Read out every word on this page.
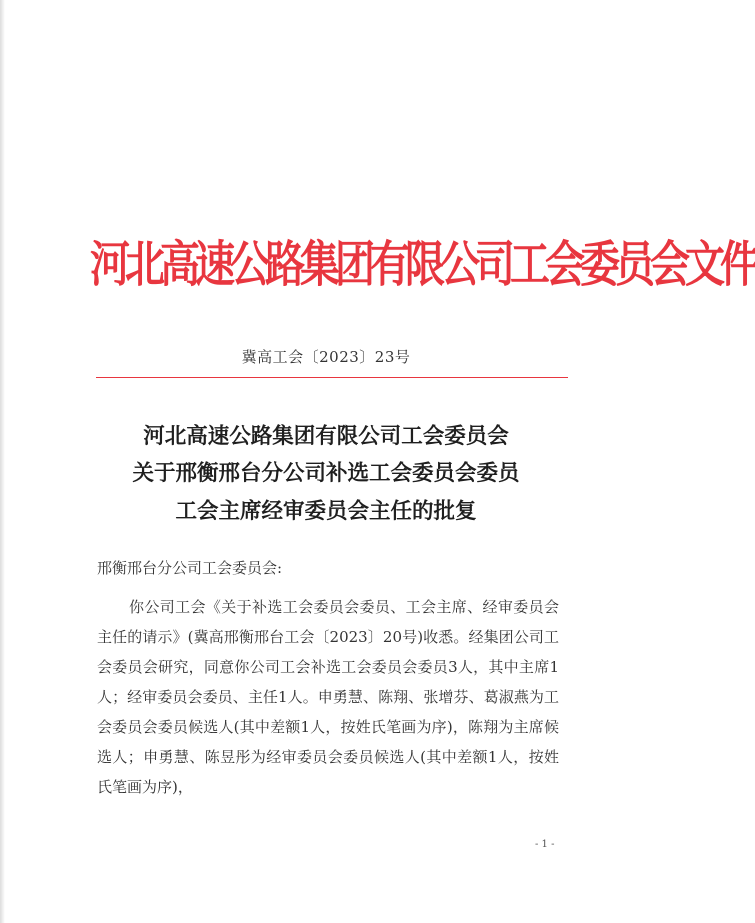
河北高速公路集团有限公司工会委员会文件
冀高工会〔2023〕23号
河北高速公路集团有限公司工会委员会
关于邢衡邢台分公司补选工会委员会委员
工会主席经审委员会主任的批复
邢衡邢台分公司工会委员会:
你公司工会《关于补选工会委员会委员、工会主席、经审委员会主任的请示》(冀高邢衡邢台工会〔2023〕20号)收悉。经集团公司工会委员会研究，同意你公司工会补选工会委员会委员3人，其中主席1人；经审委员会委员、主任1人。申勇慧、陈翔、张增芬、葛淑燕为工会委员会委员候选人(其中差额1人，按姓氏笔画为序)，陈翔为主席候选人；申勇慧、陈昱彤为经审委员会委员候选人(其中差额1人，按姓氏笔画为序)，
- 1 -
